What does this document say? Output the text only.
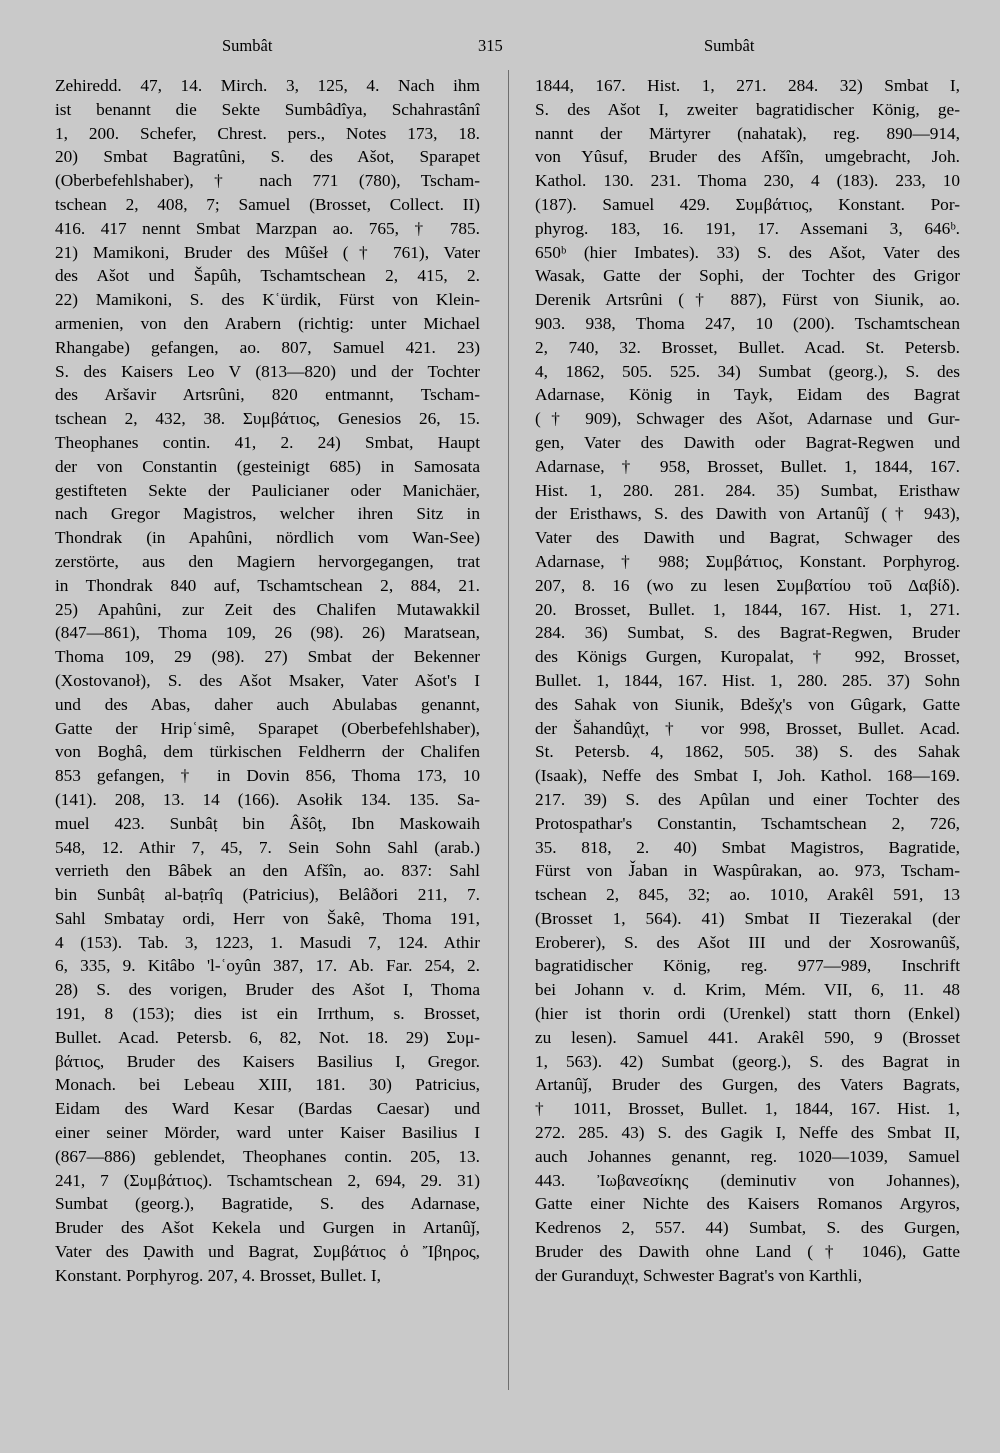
Sumbât	315	Sumbât
Zehiredd. 47, 14. Mirch. 3, 125, 4. Nach ihm
ist benannt die Sekte Sumbâdîya, Schahrastânî
1, 200. Schefer, Chrest. pers., Notes 173, 18.
20) Smbat Bagratûni, S. des Ašot, Sparapet
(Oberbefehlshaber), † nach 771 (780), Tscham-
tschean 2, 408, 7; Samuel (Brosset, Collect. II)
416. 417 nennt Smbat Marzpan ao. 765, † 785.
21) Mamikoni, Bruder des Mûšeł († 761), Vater
des Ašot und Šapûh, Tschamtschean 2, 415, 2.
22) Mamikoni, S. des Kʿürdik, Fürst von Klein-
armenien, von den Arabern (richtig: unter Michael
Rhangabe) gefangen, ao. 807, Samuel 421. 23)
S. des Kaisers Leo V (813—820) und der Tochter
des Aršavir Artsrûni, 820 entmannt, Tscham-
tschean 2, 432, 38. Συμβάτιος, Genesios 26, 15.
Theophanes contin. 41, 2. 24) Smbat, Haupt
der von Constantin (gesteinigt 685) in Samosata
gestifteten Sekte der Paulicianer oder Manichäer,
nach Gregor Magistros, welcher ihren Sitz in
Thondrak (in Apahûni, nördlich vom Wan-See)
zerstörte, aus den Magiern hervorgegangen, trat
in Thondrak 840 auf, Tschamtschean 2, 884, 21.
25) Apahûni, zur Zeit des Chalifen Mutawakkil
(847—861), Thoma 109, 26 (98). 26) Maratsean,
Thoma 109, 29 (98). 27) Smbat der Bekenner
(Xostovanoł), S. des Ašot Msaker, Vater Ašot's I
und des Abas, daher auch Abulabas genannt,
Gatte der Hripʿsimê, Sparapet (Oberbefehlshaber),
von Boghâ, dem türkischen Feldherrn der Chalifen
853 gefangen, † in Dovin 856, Thoma 173, 10
(141). 208, 13. 14 (166). Asołik 134. 135. Sa-
muel 423. Sunbâṭ bin Âšôṭ, Ibn Maskowaih
548, 12. Athir 7, 45, 7. Sein Sohn Sahl (arab.)
verrieth den Bâbek an den Afšîn, ao. 837: Sahl
bin Sunbâṭ al-baṭrîq (Patricius), Belâðori 211, 7.
Sahl Smbatay ordi, Herr von Šakê, Thoma 191,
4 (153). Tab. 3, 1223, 1. Masudi 7, 124. Athir
6, 335, 9. Kitâbo 'l-ʿoyûn 387, 17. Ab. Far. 254, 2.
28) S. des vorigen, Bruder des Ašot I, Thoma
191, 8 (153); dies ist ein Irrthum, s. Brosset,
Bullet. Acad. Petersb. 6, 82, Not. 18. 29) Συμ-
βάτιος, Bruder des Kaisers Basilius I, Gregor.
Monach. bei Lebeau XIII, 181. 30) Patricius,
Eidam des Ward Kesar (Bardas Caesar) und
einer seiner Mörder, ward unter Kaiser Basilius I
(867—886) geblendet, Theophanes contin. 205, 13.
241, 7 (Συμβάτιος). Tschamtschean 2, 694, 29. 31)
Sumbat (georg.), Bagratide, S. des Adarnase,
Bruder des Ašot Kekela und Gurgen in Artanûǰ,
Vater des Ḍawith und Bagrat, Συμβάτιος ὁ Ἴβηρος,
Konstant. Porphyrog. 207, 4. Brosset, Bullet. I,
1844, 167. Hist. 1, 271. 284. 32) Smbat I,
S. des Ašot I, zweiter bagratidischer König, ge-
nannt der Märtyrer (nahatak), reg. 890—914,
von Yûsuf, Bruder des Afšîn, umgebracht, Joh.
Kathol. 130. 231. Thoma 230, 4 (183). 233, 10
(187). Samuel 429. Συμβάτιος, Konstant. Por-
phyrog. 183, 16. 191, 17. Assemani 3, 646ᵇ.
650ᵇ (hier Imbates). 33) S. des Ašot, Vater des
Wasak, Gatte der Sophi, der Tochter des Grigor
Derenik Artsrûni († 887), Fürst von Siunik, ao.
903. 938, Thoma 247, 10 (200). Tschamtschean
2, 740, 32. Brosset, Bullet. Acad. St. Petersb.
4, 1862, 505. 525. 34) Sumbat (georg.), S. des
Adarnase, König in Tayk, Eidam des Bagrat
(† 909), Schwager des Ašot, Adarnase und Gur-
gen, Vater des Dawith oder Bagrat-Regwen und
Adarnase, † 958, Brosset, Bullet. 1, 1844, 167.
Hist. 1, 280. 281. 284. 35) Sumbat, Eristhaw
der Eristhaws, S. des Dawith von Artanûǰ († 943),
Vater des Dawith und Bagrat, Schwager des
Adarnase, † 988; Συμβάτιος, Konstant. Porphyrog.
207, 8. 16 (wo zu lesen Συμβατίου τοῦ Δαβίδ).
20. Brosset, Bullet. 1, 1844, 167. Hist. 1, 271.
284. 36) Sumbat, S. des Bagrat-Regwen, Bruder
des Königs Gurgen, Kuropalat, † 992, Brosset,
Bullet. 1, 1844, 167. Hist. 1, 280. 285. 37) Sohn
des Sahak von Siunik, Bdešχ's von Gûgark, Gatte
der Šahandûχt, † vor 998, Brosset, Bullet. Acad.
St. Petersb. 4, 1862, 505. 38) S. des Sahak
(Isaak), Neffe des Smbat I, Joh. Kathol. 168—169.
217. 39) S. des Apûlan und einer Tochter des
Protospathar's Constantin, Tschamtschean 2, 726,
35. 818, 2. 40) Smbat Magistros, Bagratide,
Fürst von J̌aban in Waspûrakan, ao. 973, Tscham-
tschean 2, 845, 32; ao. 1010, Arakêl 591, 13
(Brosset 1, 564). 41) Smbat II Tiezerakal (der
Eroberer), S. des Ašot III und der Xosrowanûš,
bagratidischer König, reg. 977—989, Inschrift
bei Johann v. d. Krim, Mém. VII, 6, 11. 48
(hier ist thorin ordi (Urenkel) statt thorn (Enkel)
zu lesen). Samuel 441. Arakêl 590, 9 (Brosset
1, 563). 42) Sumbat (georg.), S. des Bagrat in
Artanûǰ, Bruder des Gurgen, des Vaters Bagrats,
† 1011, Brosset, Bullet. 1, 1844, 167. Hist. 1,
272. 285. 43) S. des Gagik I, Neffe des Smbat II,
auch Johannes genannt, reg. 1020—1039, Samuel
443. Ἰωβανεσίκης (deminutiv von Johannes),
Gatte einer Nichte des Kaisers Romanos Argyros,
Kedrenos 2, 557. 44) Sumbat, S. des Gurgen,
Bruder des Dawith ohne Land († 1046), Gatte
der Guranduχt, Schwester Bagrat's von Karthli,
